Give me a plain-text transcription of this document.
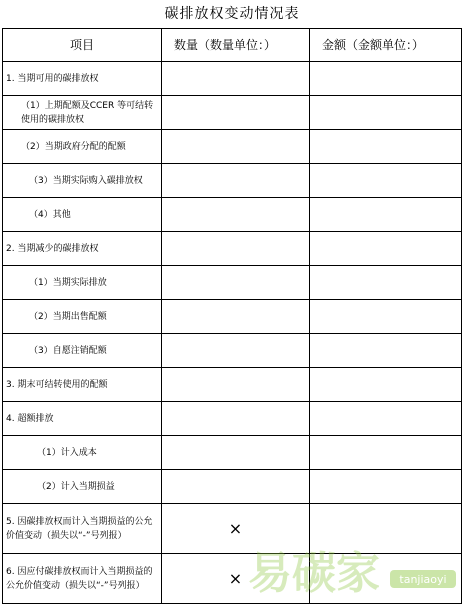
碳排放权变动情况表
项目	数量（数量单位：）	金额（金额单位：）

1. 当期可用的碳排放权		

（1）上期配额及CCER 等可结转使用的碳排放权		

（2）当期政府分配的配额		

（3）当期实际购入碳排放权		

（4）其他		

2. 当期减少的碳排放权		

（1）当期实际排放		

（2）当期出售配额		

（3）自愿注销配额		

3. 期末可结转使用的配额		

4. 超额排放		

（1）计入成本		

（2）计入当期损益		

5. 因碳排放权而计入当期损益的公允价值变动（损失以“-”号列报）	×	

6. 因应付碳排放权而计入当期损益的公允价值变动（损失以“-”号列报）	×	易碳家 tanjiaoyi
